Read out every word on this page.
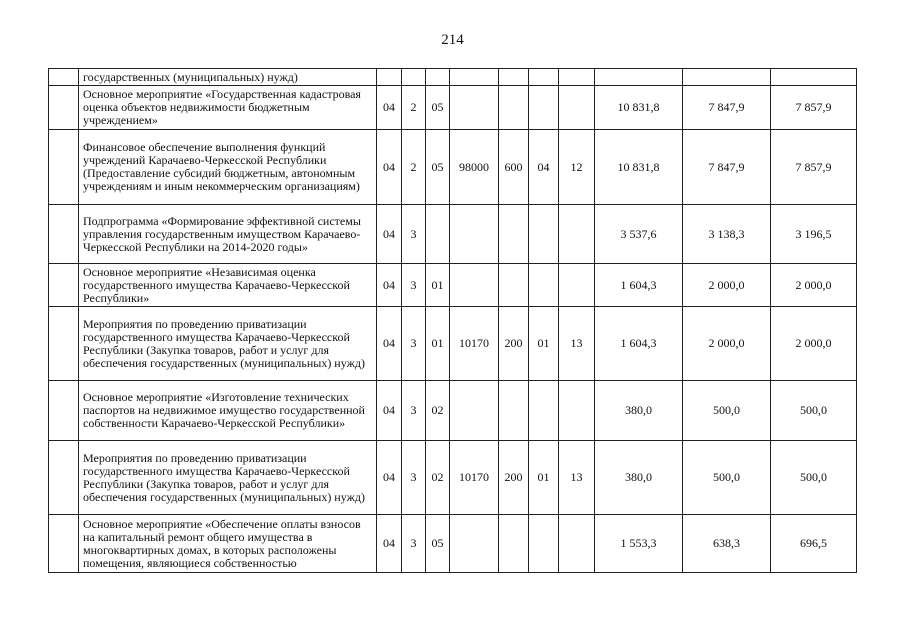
214
	государственных (муниципальных) нужд)										
	Основное мероприятие «Государственная кадастровая оценка объектов недвижимости бюджетным учреждением»	04	2	05					10 831,8	7 847,9	7 857,9
	Финансовое обеспечение выполнения функций учреждений Карачаево-Черкесской Республики (Предоставление субсидий бюджетным, автономным учреждениям и иным некоммерческим организациям)	04	2	05	98000	600	04	12	10 831,8	7 847,9	7 857,9
	Подпрограмма «Формирование эффективной системы управления государственным имуществом Карачаево-Черкесской Республики на 2014-2020 годы»	04	3						3 537,6	3 138,3	3 196,5
	Основное мероприятие «Независимая оценка государственного имущества Карачаево-Черкесской Республики»	04	3	01					1 604,3	2 000,0	2 000,0
	Мероприятия по проведению приватизации государственного имущества Карачаево-Черкесской Республики (Закупка товаров, работ и услуг для обеспечения государственных (муниципальных) нужд)	04	3	01	10170	200	01	13	1 604,3	2 000,0	2 000,0
	Основное мероприятие «Изготовление технических паспортов на недвижимое имущество государственной собственности Карачаево-Черкесской Республики»	04	3	02					380,0	500,0	500,0
	Мероприятия по проведению приватизации государственного имущества Карачаево-Черкесской Республики (Закупка товаров, работ и услуг для обеспечения государственных (муниципальных) нужд)	04	3	02	10170	200	01	13	380,0	500,0	500,0
	Основное мероприятие «Обеспечение оплаты взносов на капитальный ремонт общего имущества в многоквартирных домах, в которых расположены помещения, являющиеся собственностью	04	3	05					1 553,3	638,3	696,5
